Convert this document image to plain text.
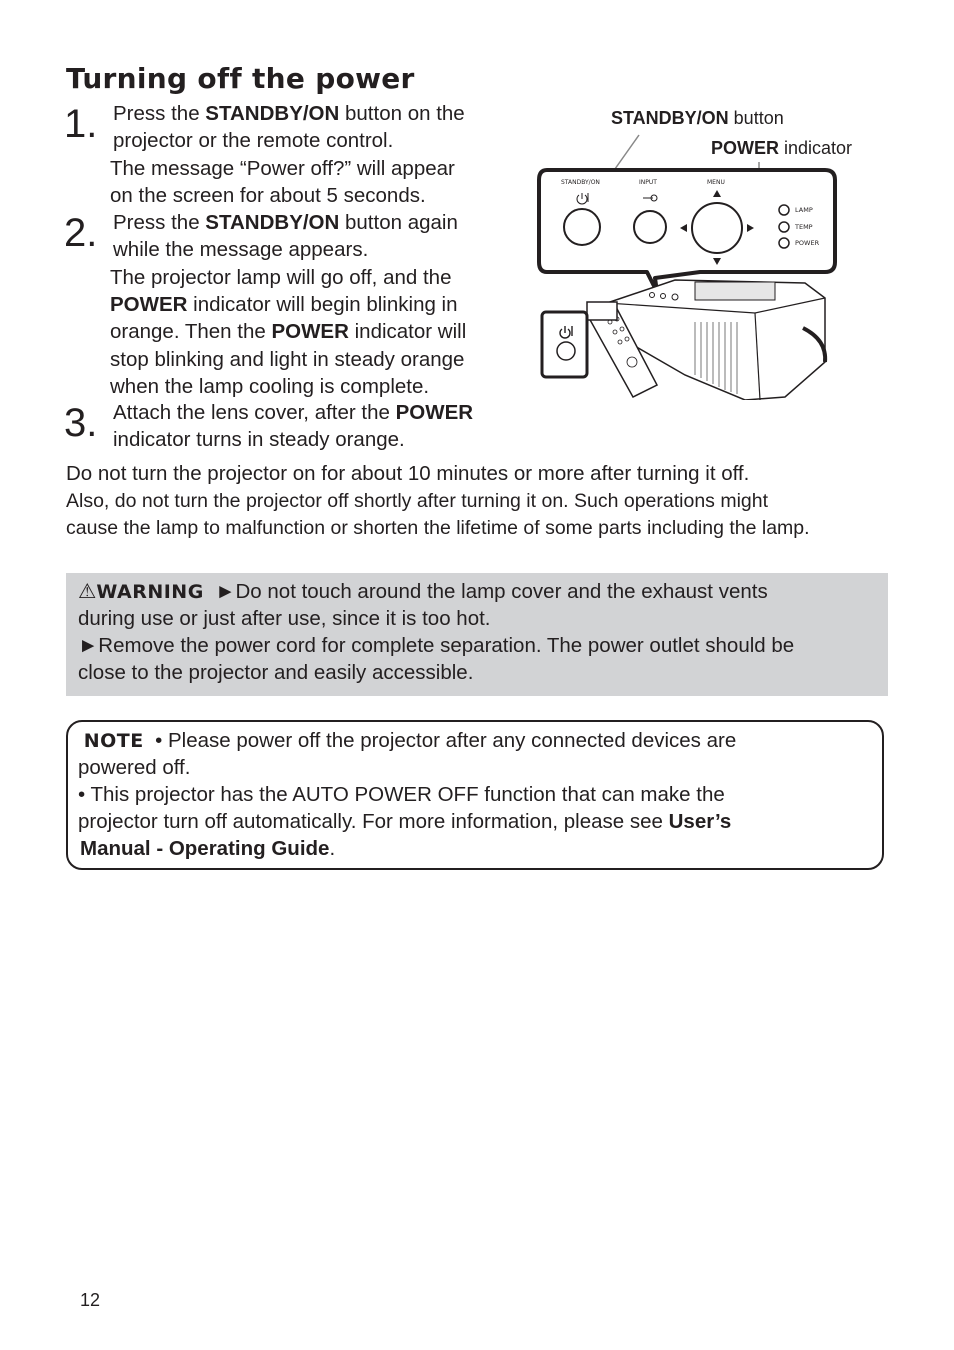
Turning off the power
1. Press the STANDBY/ON button on the
projector or the remote control.
The message “Power off?” will appear
on the screen for about 5 seconds.
2. Press the STANDBY/ON button again
while the message appears.
The projector lamp will go off, and the
POWER indicator will begin blinking in
orange. Then the POWER indicator will
stop blinking and light in steady orange
when the lamp cooling is complete.
3. Attach the lens cover, after the POWER
indicator turns in steady orange.
STANDBY/ON button
POWER indicator
STANDBY/ON	INPUT	MENU
LAMP
TEMP
POWER
Do not turn the projector on for about 10 minutes or more after turning it off.
Also, do not turn the projector off shortly after turning it on. Such operations might
cause the lamp to malfunction or shorten the lifetime of some parts including the lamp.
⚠WARNING ►Do not touch around the lamp cover and the exhaust vents
during use or just after use, since it is too hot.
►Remove the power cord for complete separation. The power outlet should be
close to the projector and easily accessible.
NOTE • Please power off the projector after any connected devices are
powered off.
• This projector has the AUTO POWER OFF function that can make the
projector turn off automatically. For more information, please see User’s
Manual - Operating Guide.
12
